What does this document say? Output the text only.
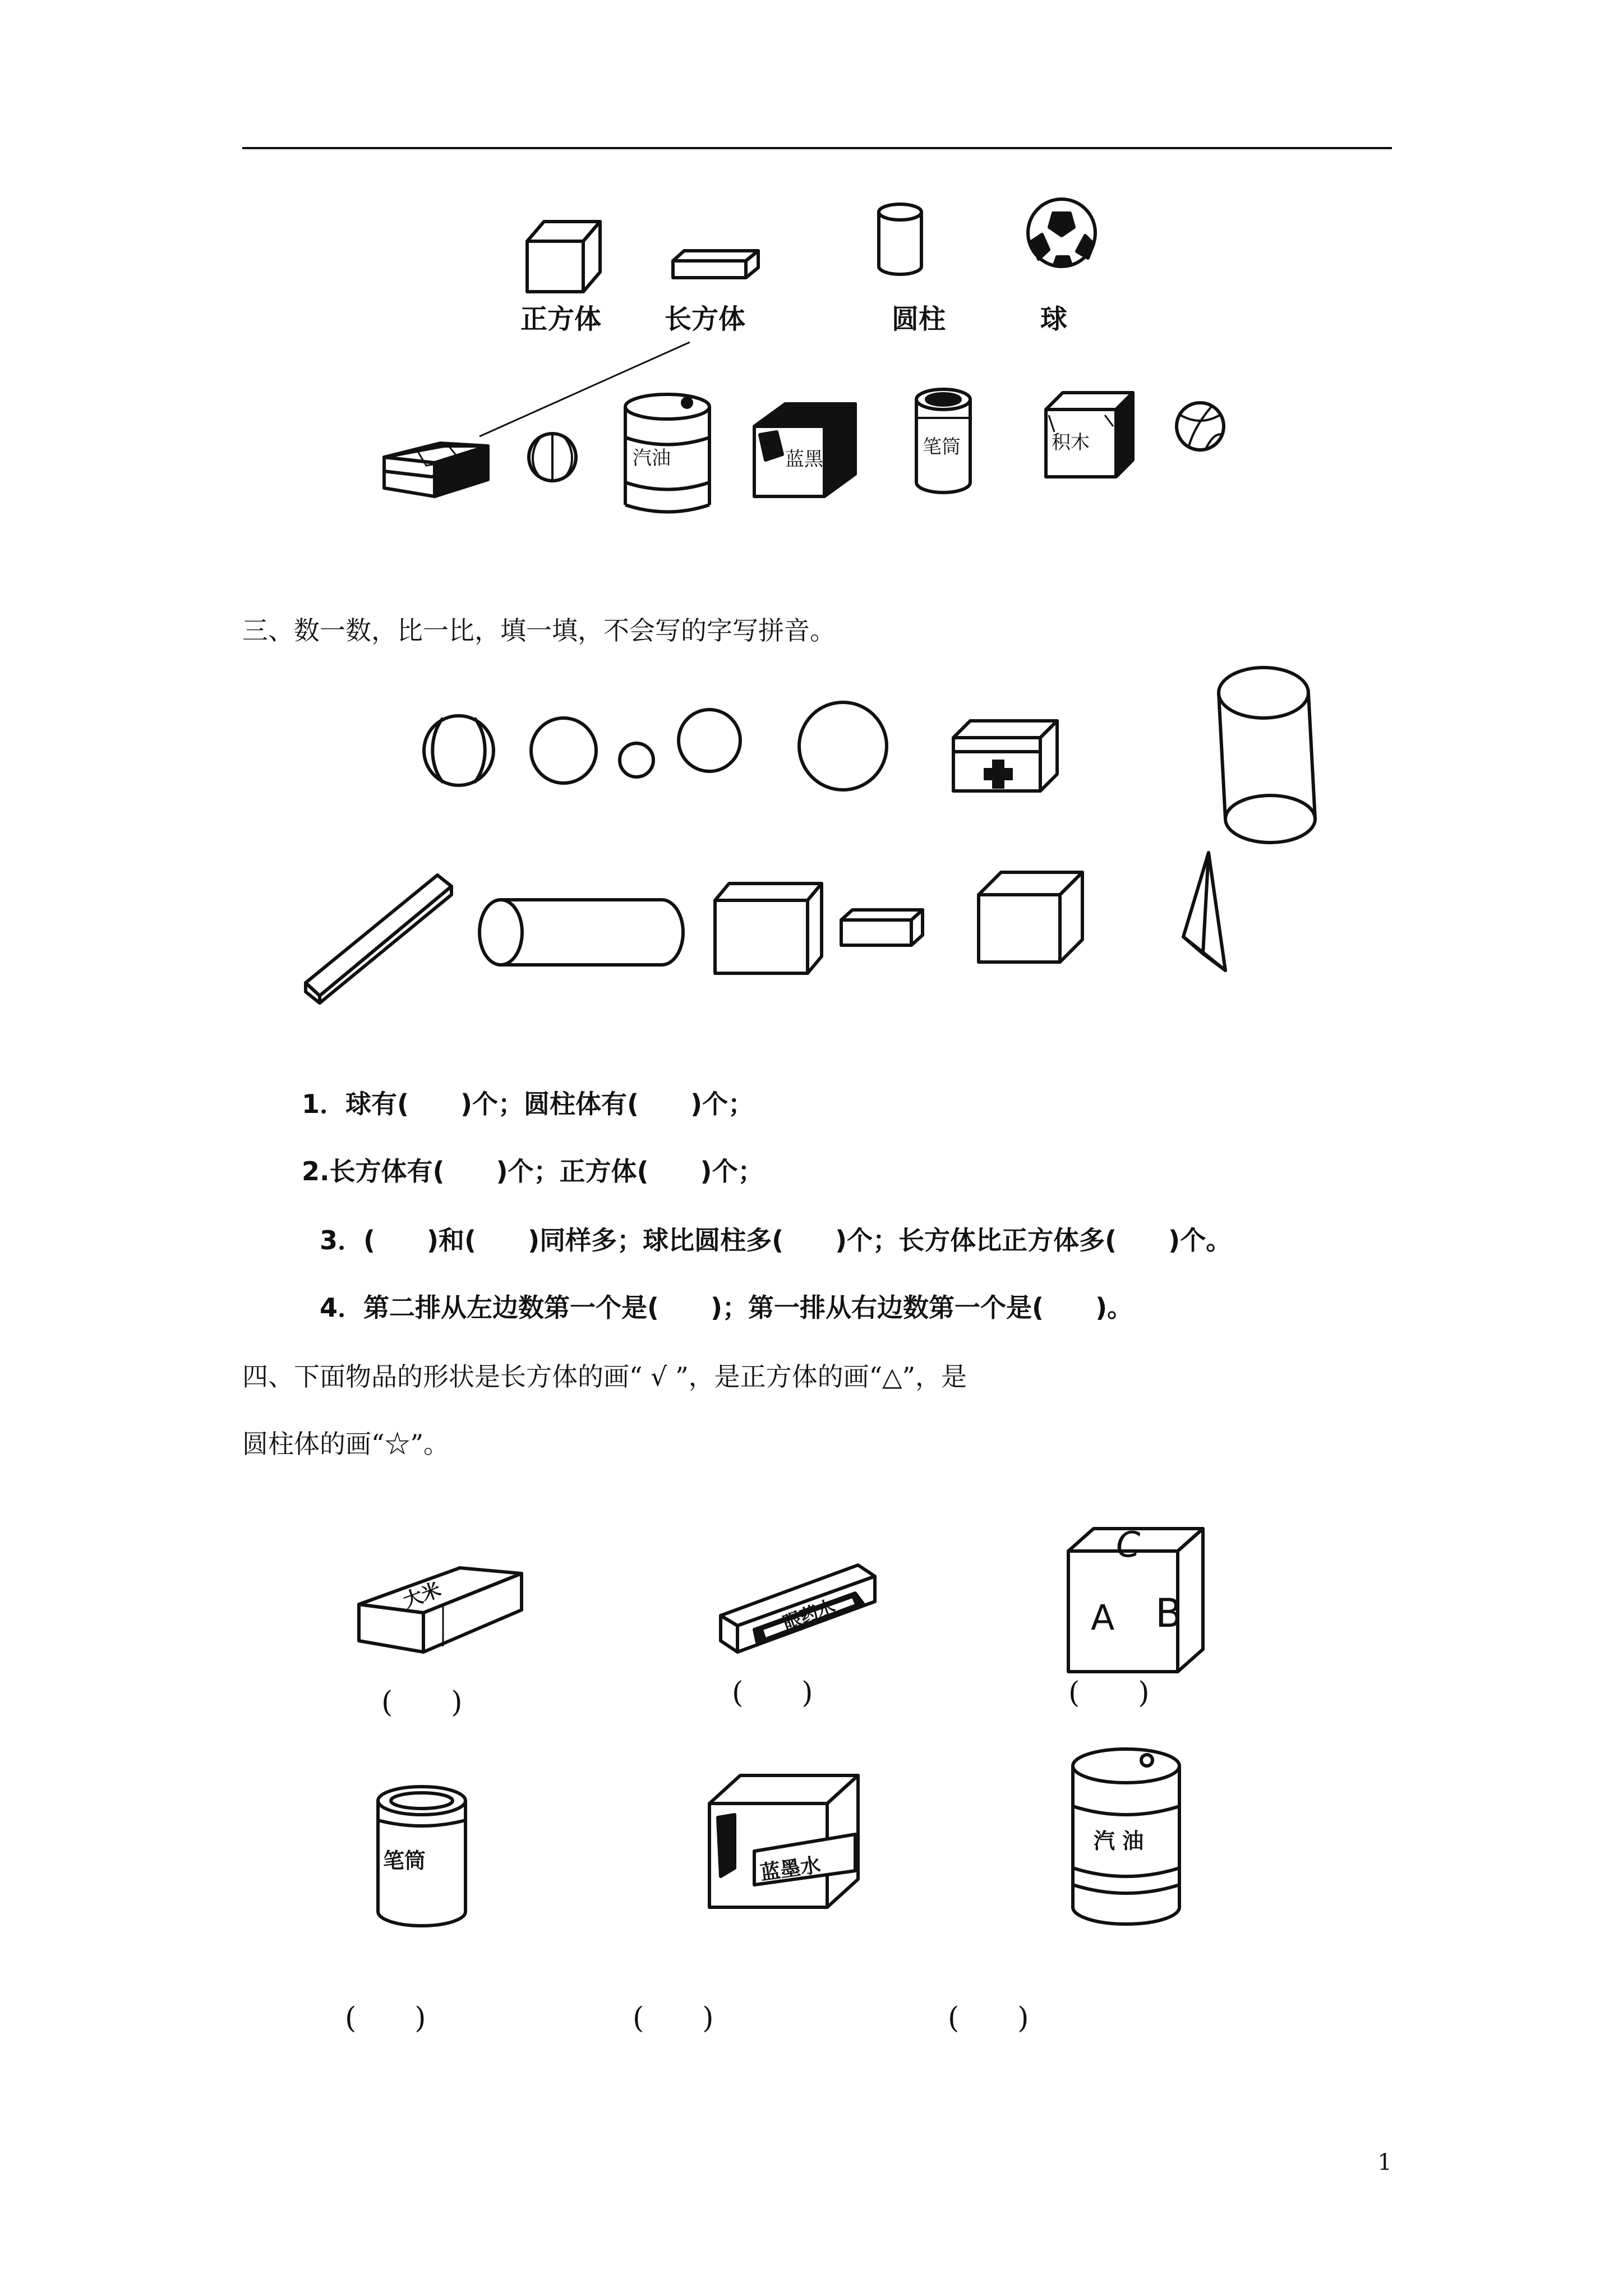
汽油	蓝黑水
笔筒	积木
大米	眼药水
C
A B
笔筒	蓝墨水
汽 油
正方体 长方体	圆柱	球
三、数一数，比一比，填一填，不会写的字写拼音。
1．球有(　　)个；圆柱体有(　　)个；
2.长方体有(　　)个；正方体(　　)个；
3．(　　)和(　　)同样多；球比圆柱多(　　)个；长方体比正方体多(　　)个。
4．第二排从左边数第一个是(　　)；第一排从右边数第一个是(　　)。
四、下面物品的形状是长方体的画“ √ ”，是正方体的画“△”，是
圆柱体的画“☆”。
(　　)	(　　)	(　　)
(　　)	(　　)	(　　)
1
